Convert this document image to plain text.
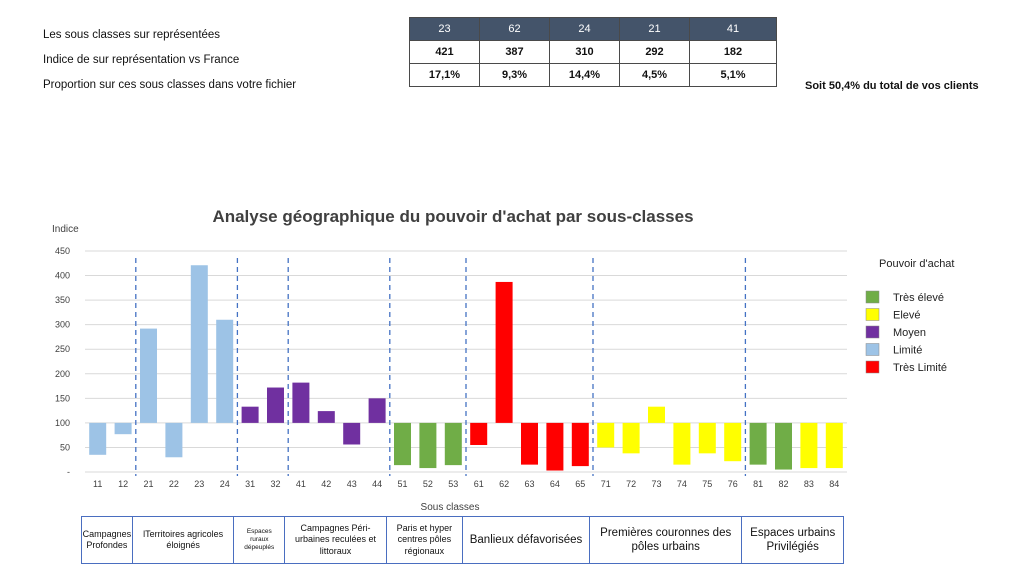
Les sous classes sur représentées
Indice de sur représentation vs France
Proportion sur ces sous classes dans votre fichier
23	62	24	21	41
421	387	310	292	182
17,1%	9,3%	14,4%	4,5%	5,1%
Soit 50,4% du total de vos clients
Analyse géographique du pouvoir d'achat par sous-classes
Indice
-
50
100
150
200
250
300
350
400
450
11 12 21 22 23 24 31 32 41 42 43 44 51 52 53 61 62 63 64 65 71 72 73 74 75 76 81 82 83 84
Sous classes
Pouvoir d'achat
Très élevé
Elevé
Moyen
Limité
Très Limité
Campagnes Profondes
lTerritoires agricoles éloignés
Espaces ruraux dépeuplés
Campagnes Péri-urbaines reculées et littoraux
Paris et hyper centres pôles régionaux
Banlieux défavorisées
Premières couronnes des pôles urbains
Espaces urbains Privilégiés
